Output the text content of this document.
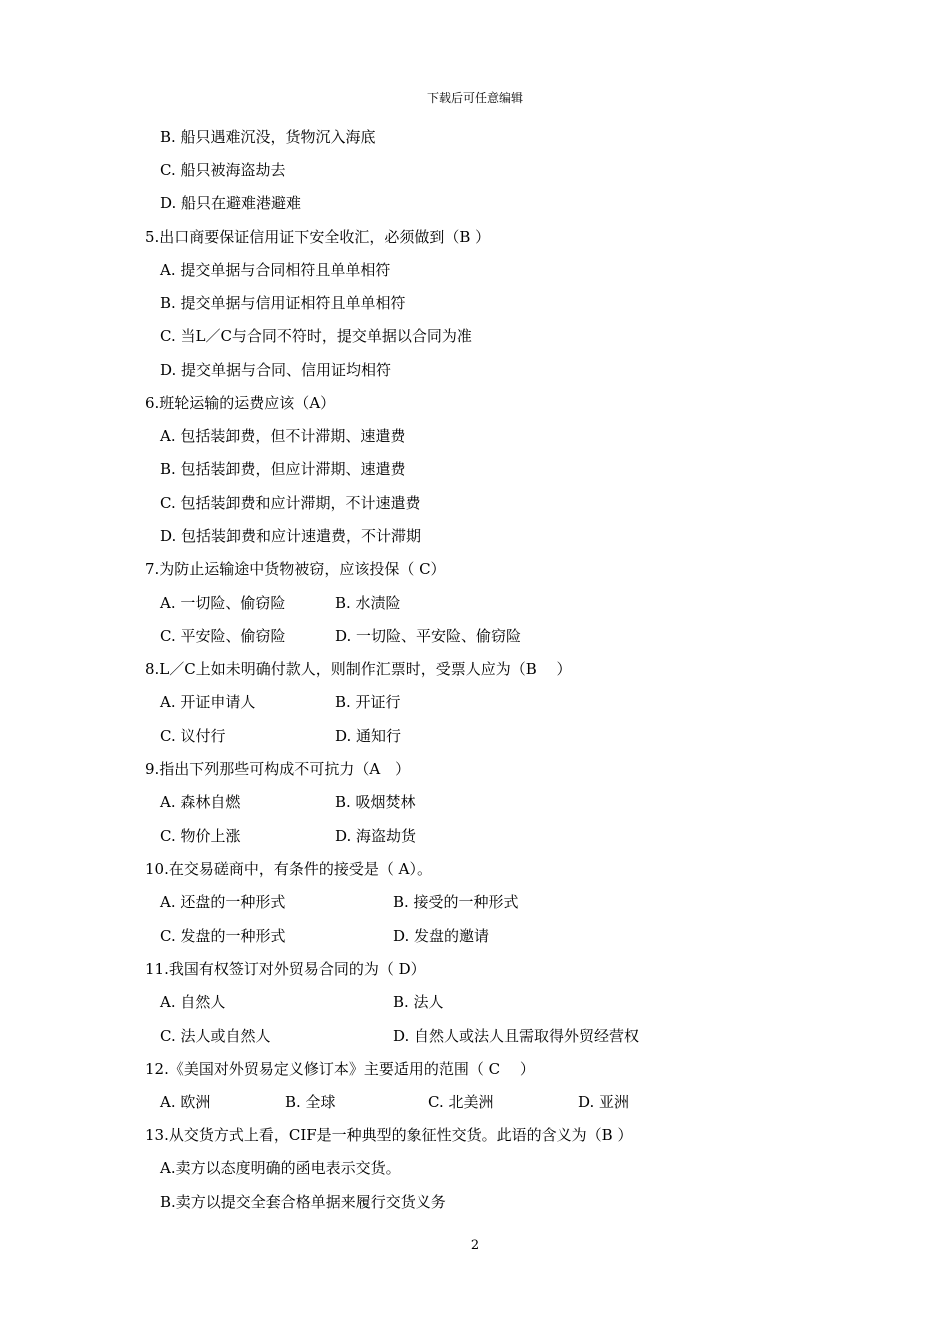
下载后可任意编辑
B. 船只遇难沉没，货物沉入海底
C. 船只被海盗劫去
D. 船只在避难港避难
5.出口商要保证信用证下安全收汇，必须做到（B ）
A. 提交单据与合同相符且单单相符
B. 提交单据与信用证相符且单单相符
C. 当L／C与合同不符时，提交单据以合同为准
D. 提交单据与合同、信用证均相符
6.班轮运输的运费应该（A）
A. 包括装卸费，但不计滞期、速遣费
B. 包括装卸费，但应计滞期、速遣费
C. 包括装卸费和应计滞期，不计速遣费
D. 包括装卸费和应计速遣费，不计滞期
7.为防止运输途中货物被窃，应该投保（ C）
A. 一切险、偷窃险	B. 水渍险
C. 平安险、偷窃险	D. 一切险、平安险、偷窃险
8.L／C上如未明确付款人，则制作汇票时，受票人应为（B　 ）
A. 开证申请人	B. 开证行
C. 议付行	D. 通知行
9.指出下列那些可构成不可抗力（A　）
A. 森林自燃	B. 吸烟焚林
C. 物价上涨	D. 海盗劫货
10.在交易磋商中，有条件的接受是（ A）。
A. 还盘的一种形式	B. 接受的一种形式
C. 发盘的一种形式	D. 发盘的邀请
11.我国有权签订对外贸易合同的为（ D）
A. 自然人	B. 法人
C. 法人或自然人	D. 自然人或法人且需取得外贸经营权
12.《美国对外贸易定义修订本》主要适用的范围（ C　 ）
A. 欧洲	B. 全球	C. 北美洲	D. 亚洲
13.从交货方式上看，CIF是一种典型的象征性交货。此语的含义为（B ）
A.卖方以态度明确的函电表示交货。
B.卖方以提交全套合格单据来履行交货义务
2
